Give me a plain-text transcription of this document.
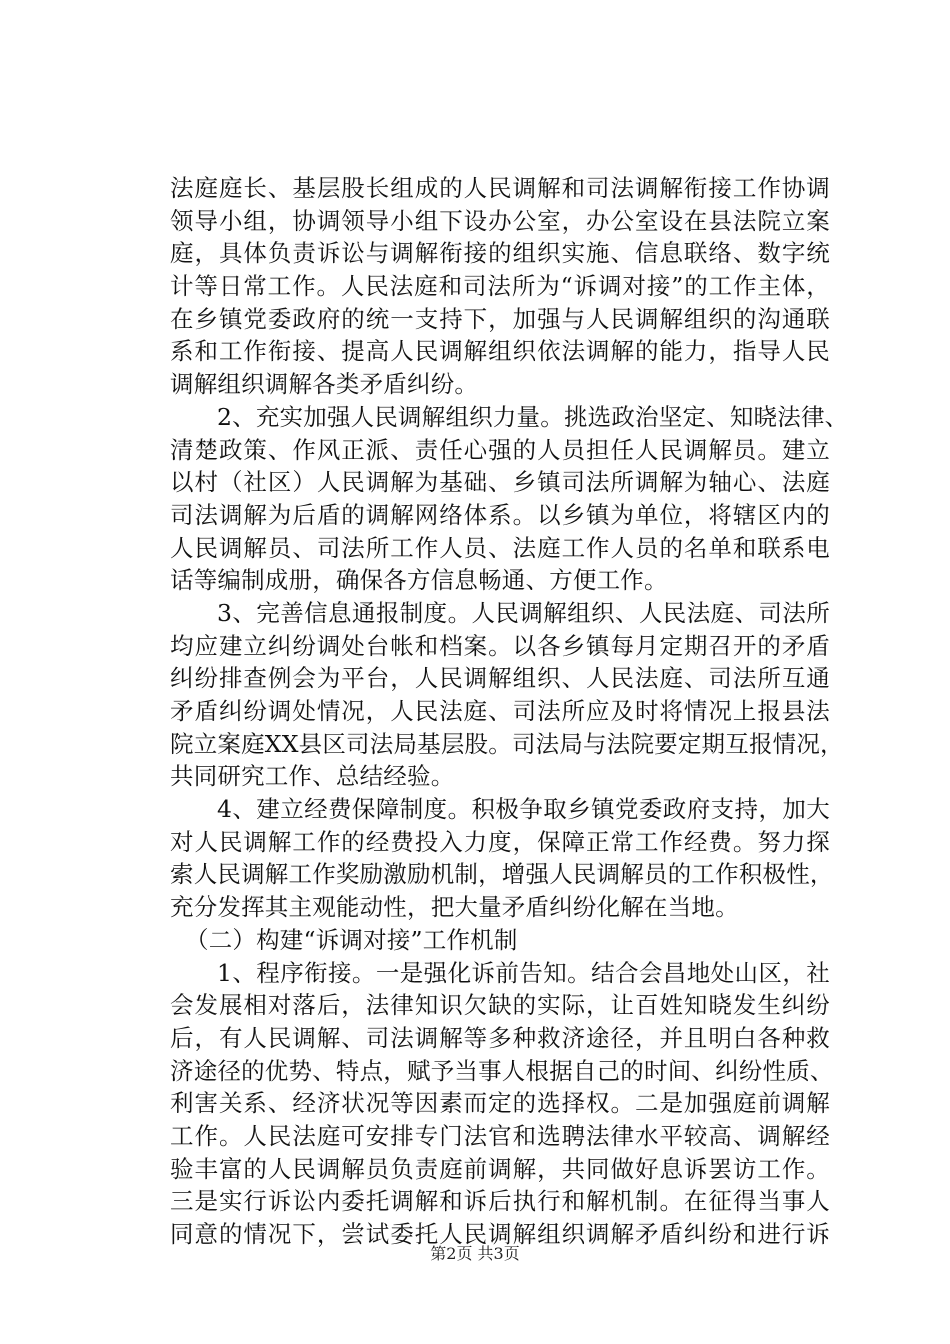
法庭庭长、基层股长组成的人民调解和司法调解衔接工作协调
领导小组，协调领导小组下设办公室，办公室设在县法院立案
庭，具体负责诉讼与调解衔接的组织实施、信息联络、数字统
计等日常工作。人民法庭和司法所为“诉调对接”的工作主体，
在乡镇党委政府的统一支持下，加强与人民调解组织的沟通联
系和工作衔接、提高人民调解组织依法调解的能力，指导人民
调解组织调解各类矛盾纠纷。
2、充实加强人民调解组织力量。挑选政治坚定、知晓法律、
清楚政策、作风正派、责任心强的人员担任人民调解员。建立
以村（社区）人民调解为基础、乡镇司法所调解为轴心、法庭
司法调解为后盾的调解网络体系。以乡镇为单位，将辖区内的
人民调解员、司法所工作人员、法庭工作人员的名单和联系电
话等编制成册，确保各方信息畅通、方便工作。
3、完善信息通报制度。人民调解组织、人民法庭、司法所
均应建立纠纷调处台帐和档案。以各乡镇每月定期召开的矛盾
纠纷排查例会为平台，人民调解组织、人民法庭、司法所互通
矛盾纠纷调处情况，人民法庭、司法所应及时将情况上报县法
院立案庭XX县区司法局基层股。司法局与法院要定期互报情况，
共同研究工作、总结经验。
4、建立经费保障制度。积极争取乡镇党委政府支持，加大
对人民调解工作的经费投入力度，保障正常工作经费。努力探
索人民调解工作奖励激励机制，增强人民调解员的工作积极性，
充分发挥其主观能动性，把大量矛盾纠纷化解在当地。
（二）构建“诉调对接”工作机制
1、程序衔接。一是强化诉前告知。结合会昌地处山区，社
会发展相对落后，法律知识欠缺的实际，让百姓知晓发生纠纷
后，有人民调解、司法调解等多种救济途径，并且明白各种救
济途径的优势、特点，赋予当事人根据自己的时间、纠纷性质、
利害关系、经济状况等因素而定的选择权。二是加强庭前调解
工作。人民法庭可安排专门法官和选聘法律水平较高、调解经
验丰富的人民调解员负责庭前调解，共同做好息诉罢访工作。
三是实行诉讼内委托调解和诉后执行和解机制。在征得当事人
同意的情况下，尝试委托人民调解组织调解矛盾纠纷和进行诉
第2页 共3页
